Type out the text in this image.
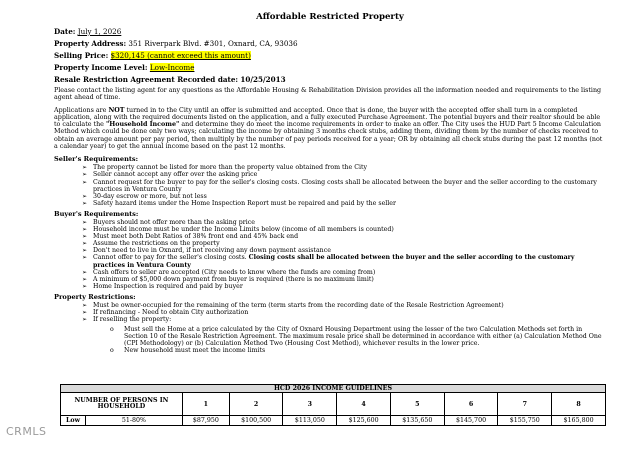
Affordable Restricted Property
Date: July 1, 2026
Property Address: 351 Riverpark Blvd. #301, Oxnard, CA, 93036
Selling Price: $320,145 (cannot exceed this amount)
Property Income Level: Low-Income
Resale Restriction Agreement Recorded date: 10/25/2013

Please contact the listing agent for any questions as the Affordable Housing & Rehabilitation Division provides all the information needed and requirements to the listing agent ahead of time.

Applications are NOT turned in to the City until an offer is submitted and accepted. Once that is done, the buyer with the accepted offer shall turn in a completed application, along with the required documents listed on the application, and a fully executed Purchase Agreement. The potential buyers and their realtor should be able to calculate the "Household Income" and determine they do meet the income requirements in order to make an offer. The City uses the HUD Part 5 Income Calculation Method which could be done only two ways; calculating the income by obtaining 3 months check stubs, adding them, dividing them by the number of checks received to obtain an average amount per pay period, then multiply by the number of pay periods received for a year; OR by obtaining all check stubs during the past 12 months (not a calendar year) to get the annual income based on the past 12 months.

Seller's Requirements:
➢ The property cannot be listed for more than the property value obtained from the City
➢ Seller cannot accept any offer over the asking price
➢ Cannot request for the buyer to pay for the seller's closing costs. Closing costs shall be allocated between the buyer and the seller according to the customary practices in Ventura County
➢ 30-day escrow or more, but not less
➢ Safety hazard items under the Home Inspection Report must be repaired and paid by the seller
Buyer's Requirements:
➢ Buyers should not offer more than the asking price
➢ Household income must be under the Income Limits below (income of all members is counted)
➢ Must meet both Debt Ratios of 38% front end and 45% back end
➢ Assume the restrictions on the property
➢ Don't need to live in Oxnard, if not receiving any down payment assistance
➢ Cannot offer to pay for the seller's closing costs. Closing costs shall be allocated between the buyer and the seller according to the customary practices in Ventura County
➢ Cash offers to seller are accepted (City needs to know where the funds are coming from)
➢ A minimum of $5,000 down payment from buyer is required (there is no maximum limit)
➢ Home Inspection is required and paid by buyer
Property Restrictions:
➢ Must be owner-occupied for the remaining of the term (term starts from the recording date of the Resale Restriction Agreement)
➢ If refinancing - Need to obtain City authorization
➢ If reselling the property:
o Must sell the Home at a price calculated by the City of Oxnard Housing Department using the lesser of the two Calculation Methods set forth in Section 10 of the Resale Restriction Agreement. The maximum resale price shall be determined in accordance with either (a) Calculation Method One (CPI Methodology) or (b) Calculation Method Two (Housing Cost Method), whichever results in the lower price.
o New household must meet the income limits
HCD 2026 INCOME GUIDELINES									
NUMBER OF PERSONS IN HOUSEHOLD		1	2	3	4	5	6	7	8
Low	51-80%	$87,950	$100,500	$113,050	$125,600	$135,650	$145,700	$155,750	$165,800
CRMLS
